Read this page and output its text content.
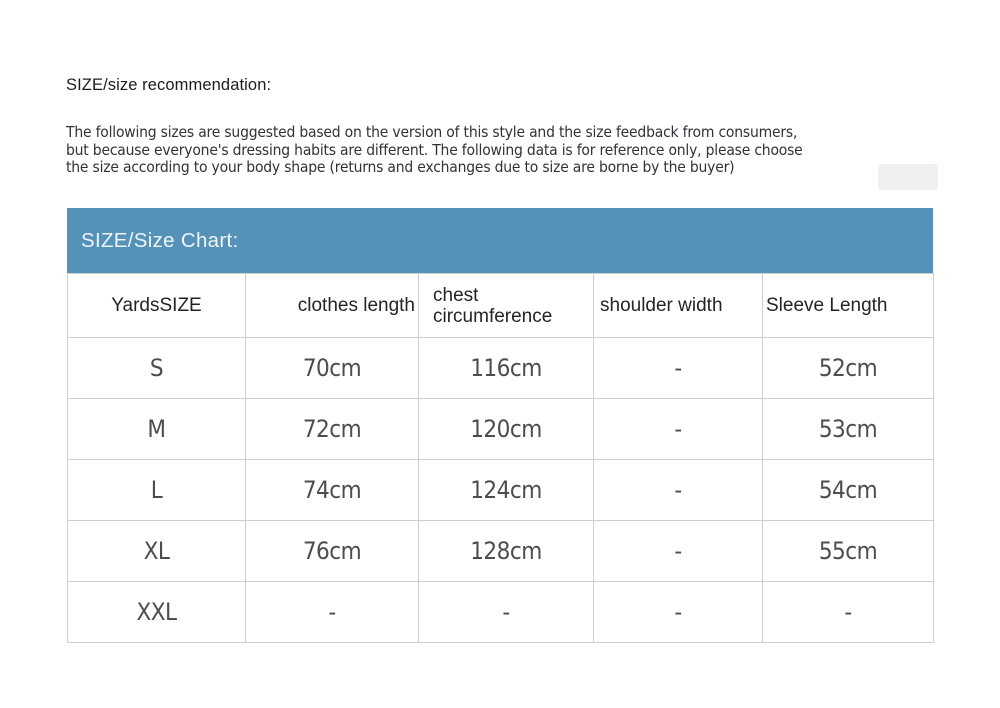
SIZE/size recommendation:
The following sizes are suggested based on the version of this style and the size feedback from consumers,
but because everyone's dressing habits are different. The following data is for reference only, please choose
the size according to your body shape (returns and exchanges due to size are borne by the buyer)
SIZE/Size Chart:
YardsSIZE	clothes length	chest circumference	shoulder width	Sleeve Length
S	70cm	116cm	-	52cm
M	72cm	120cm	-	53cm
L	74cm	124cm	-	54cm
XL	76cm	128cm	-	55cm
XXL	-	-	-	-
